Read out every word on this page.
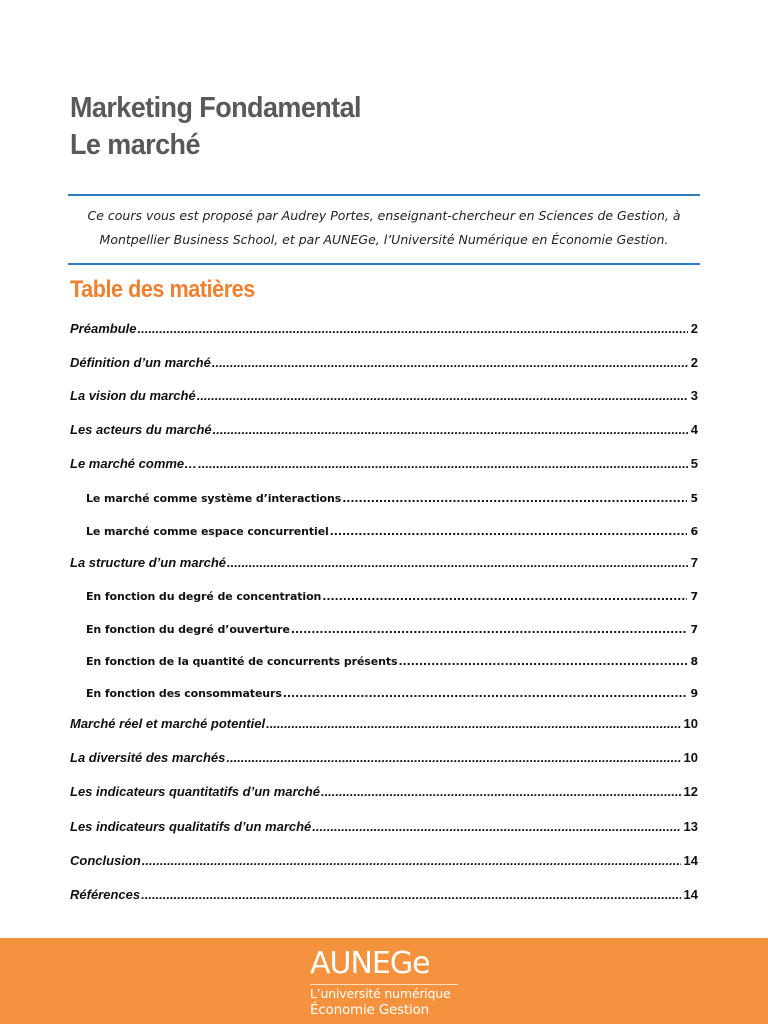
Marketing Fondamental
Le marché
Ce cours vous est proposé par Audrey Portes, enseignant-chercheur en Sciences de Gestion, à Montpellier Business School, et par AUNEGe, l’Université Numérique en Économie Gestion.
Table des matières
Préambule .....	2
Définition d’un marché .....	2
La vision du marché .....	3
Les acteurs du marché .....	4
Le marché comme… .....	5
Le marché comme système d’interactions .....	5
Le marché comme espace concurrentiel .....	6
La structure d’un marché .....	7
En fonction du degré de concentration .....	7
En fonction du degré d’ouverture .....	7
En fonction de la quantité de concurrents présents .....	8
En fonction des consommateurs .....	9
Marché réel et marché potentiel .....	10
La diversité des marchés .....	10
Les indicateurs quantitatifs d’un marché .....	12
Les indicateurs qualitatifs d’un marché .....	13
Conclusion .....	14
Références .....	14
AUNEGe
L’université numérique
Économie Gestion
